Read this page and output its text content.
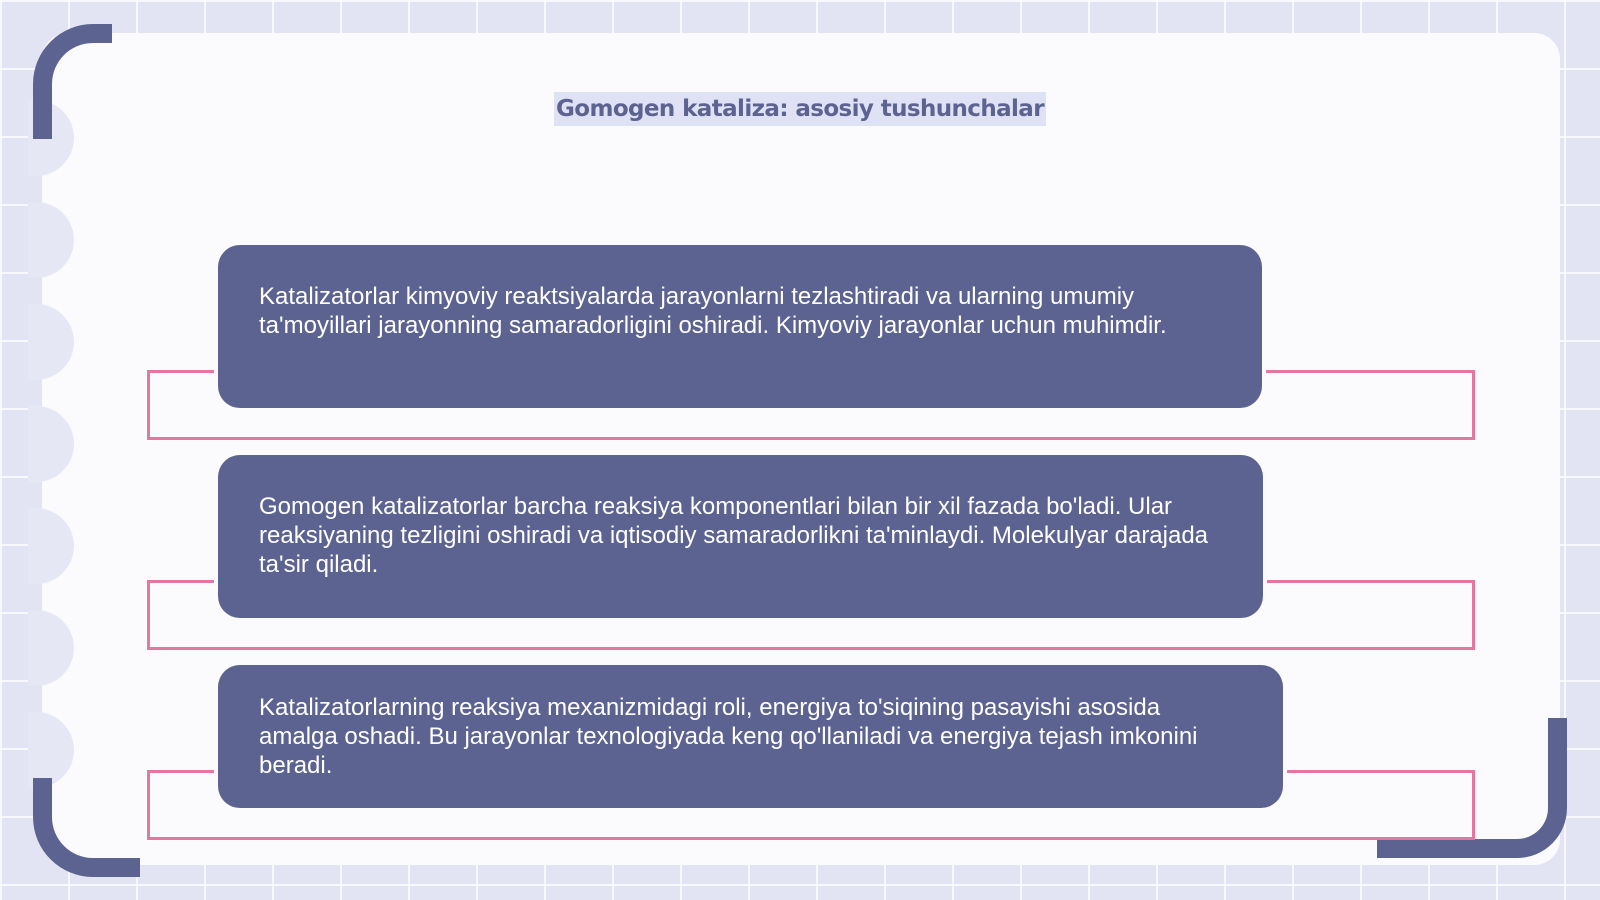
Gomogen kataliza: asosiy tushunchalar
Katalizatorlar kimyoviy reaktsiyalarda jarayonlarni tezlashtiradi va ularning umumiy ta'moyillari jarayonning samaradorligini oshiradi. Kimyoviy jarayonlar uchun muhimdir.
Gomogen katalizatorlar barcha reaksiya komponentlari bilan bir xil fazada bo'ladi. Ular reaksiyaning tezligini oshiradi va iqtisodiy samaradorlikni ta'minlaydi. Molekulyar darajada ta'sir qiladi.
Katalizatorlarning reaksiya mexanizmidagi roli, energiya to'siqining pasayishi asosida amalga oshadi. Bu jarayonlar texnologiyada keng qo'llaniladi va energiya tejash imkonini beradi.
